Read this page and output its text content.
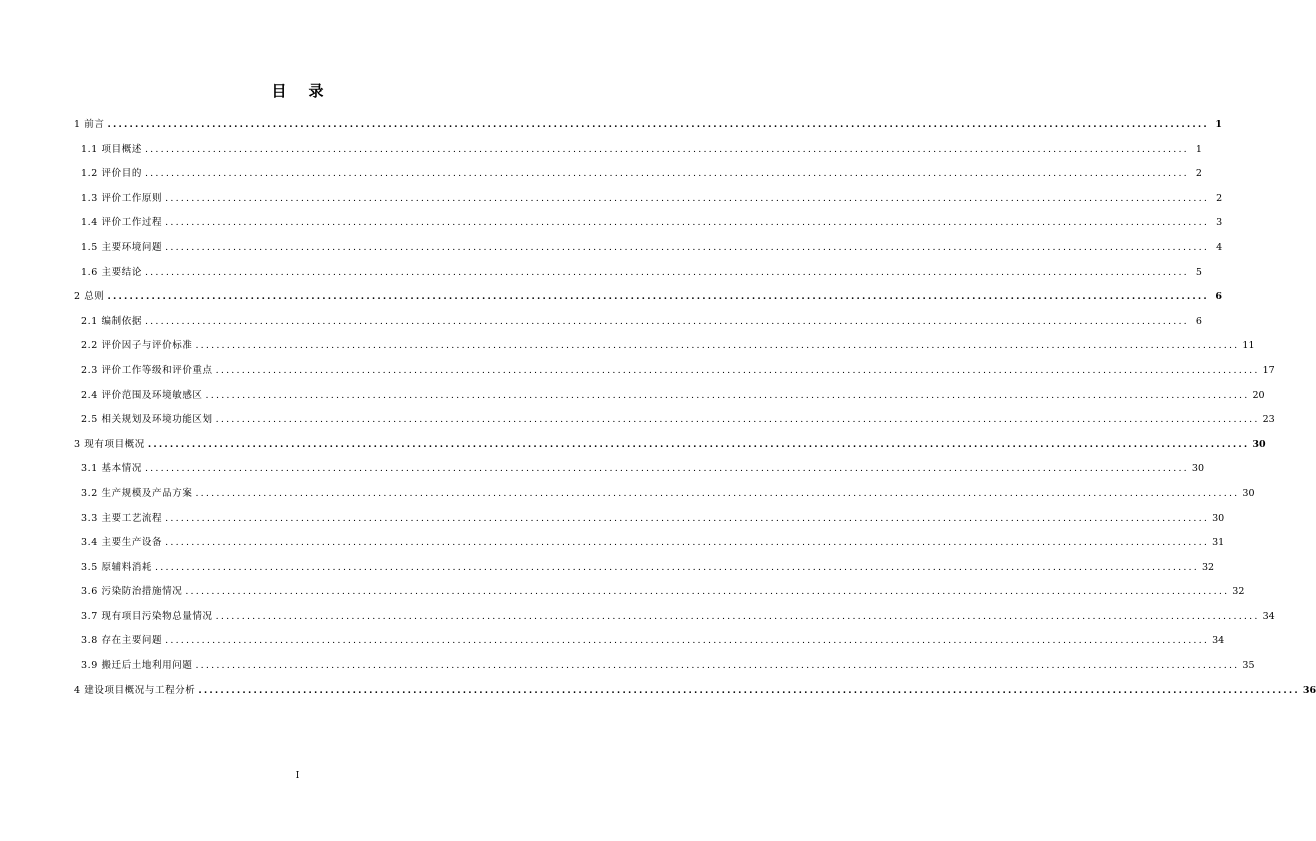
目录
1 前言 ........................................................................................................................................................................................................ 1
1.1 项目概述 ........................................................................................................................................................................................................ 1
1.2 评价目的 ........................................................................................................................................................................................................ 2
1.3 评价工作原则 ........................................................................................................................................................................................................ 2
1.4 评价工作过程 ........................................................................................................................................................................................................ 3
1.5 主要环境问题 ........................................................................................................................................................................................................ 4
1.6 主要结论 ........................................................................................................................................................................................................ 5
2 总则 ........................................................................................................................................................................................................ 6
2.1 编制依据 ........................................................................................................................................................................................................ 6
2.2 评价因子与评价标准 ........................................................................................................................................................................................................ 11
2.3 评价工作等级和评价重点 ........................................................................................................................................................................................................ 17
2.4 评价范围及环境敏感区 ........................................................................................................................................................................................................ 20
2.5 相关规划及环境功能区划 ........................................................................................................................................................................................................ 23
3 现有项目概况 ........................................................................................................................................................................................................ 30
3.1 基本情况 ........................................................................................................................................................................................................ 30
3.2 生产规模及产品方案 ........................................................................................................................................................................................................ 30
3.3 主要工艺流程 ........................................................................................................................................................................................................ 30
3.4 主要生产设备 ........................................................................................................................................................................................................ 31
3.5 原辅料消耗 ........................................................................................................................................................................................................ 32
3.6 污染防治措施情况 ........................................................................................................................................................................................................ 32
3.7 现有项目污染物总量情况 ........................................................................................................................................................................................................ 34
3.8 存在主要问题 ........................................................................................................................................................................................................ 34
3.9 搬迁后土地利用问题 ........................................................................................................................................................................................................ 35
4 建设项目概况与工程分析 ........................................................................................................................................................................................................ 36
I
